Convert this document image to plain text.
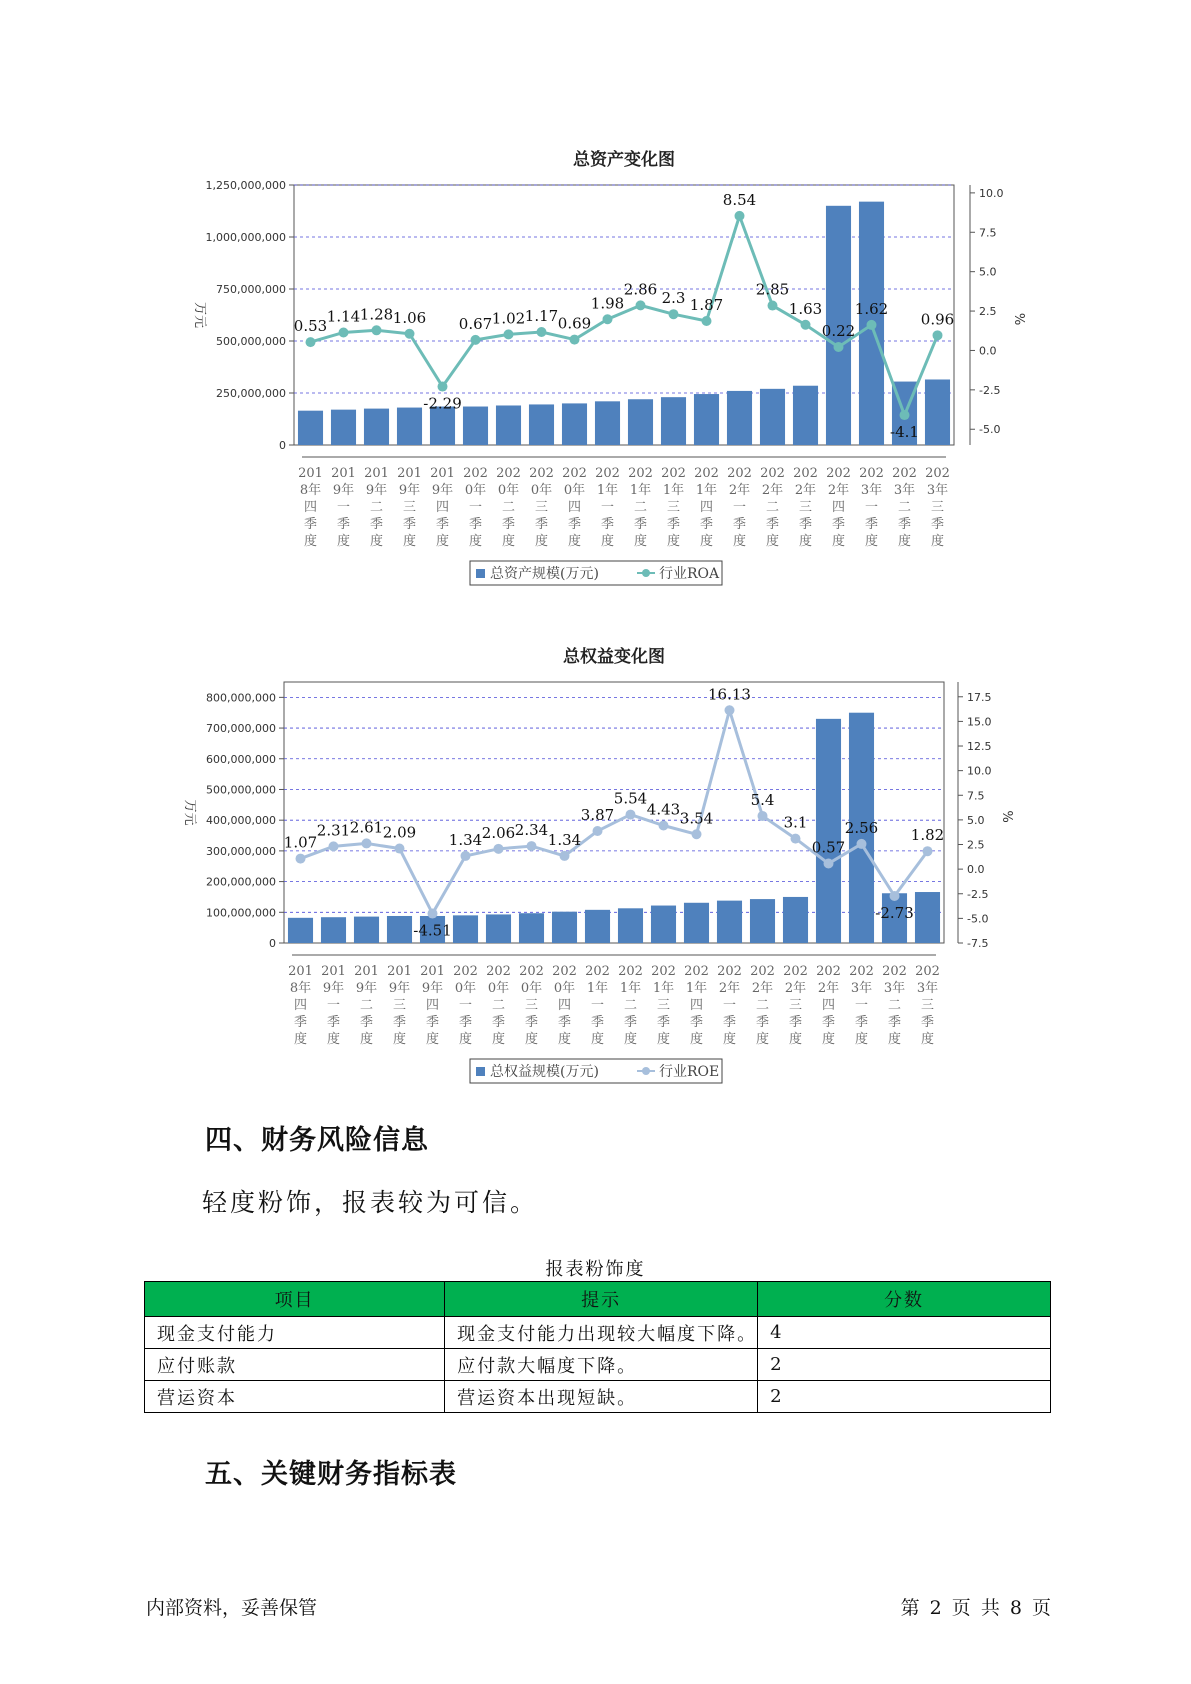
总资产变化图
0
250,000,000
500,000,000
750,000,000
1,000,000,000
1,250,000,000
-5.0
-2.5
0.0
2.5
5.0
7.5
10.0
万元	%
201 8年四季度
201 9年一季度
201 9年二季度
201 9年三季度
201 9年四季度
202 0年一季度
202 0年二季度
202 0年三季度
202 0年四季度
202 1年一季度
202 1年二季度
202 1年三季度
202 1年四季度
202 2年一季度
202 2年二季度
202 2年三季度
202 2年四季度
202 3年一季度
202 3年二季度
202 3年三季度
0.53
1.14 1.28 1.06
-2.29
0.67 1.02 1.17 0.69
1.98
2.86 2.3 1.87
8.54
2.85
1.63
0.22
1.62
-4.1
0.96
总资产规模(万元)	行业ROA
总权益变化图
0
100,000,000
200,000,000
300,000,000
400,000,000
500,000,000
600,000,000
700,000,000
800,000,000
-7.5
-5.0
-2.5
0.0
2.5
5.0
7.5
10.0
12.5
15.0
17.5
万元	%
201 8年四季度
201 9年一季度
201 9年二季度
201 9年三季度
201 9年四季度
202 0年一季度
202 0年二季度
202 0年三季度
202 0年四季度
202 1年一季度
202 1年二季度
202 1年三季度
202 1年四季度
202 2年一季度
202 2年二季度
202 2年三季度
202 2年四季度
202 3年一季度
202 3年二季度
202 3年三季度
1.07
2.31 2.61 2.09
-4.51
1.34 2.06 2.34
1.34
3.87
5.54
4.43 3.54
16.13
5.4
3.1
0.57
2.56
-2.73
1.82
总权益规模(万元)	行业ROE
四、财务风险信息

轻度粉饰，报表较为可信。

报表粉饰度
项目	提示	分数
现金支付能力	现金支付能力出现较大幅度下降。	4
应付账款	应付款大幅度下降。	2
营运资本	营运资本出现短缺。	2
五、关键财务指标表
内部资料，妥善保管	第 2 页 共 8 页
